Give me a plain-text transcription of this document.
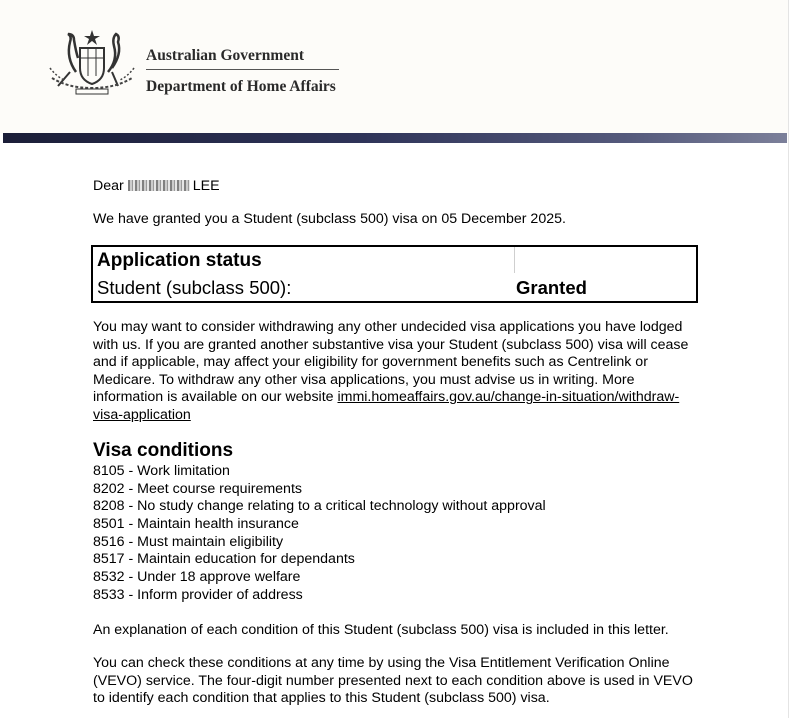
Australian Government
Department of Home Affairs
Dear	LEE
We have granted you a Student (subclass 500) visa on 05 December 2025.
Application status
Student (subclass 500):	Granted
You may want to consider withdrawing any other undecided visa applications you have lodged with us. If you are granted another substantive visa your Student (subclass 500) visa will cease and if applicable, may affect your eligibility for government benefits such as Centrelink or Medicare. To withdraw any other visa applications, you must advise us in writing. More information is available on our website immi.homeaffairs.gov.au/change-in-situation/withdraw-visa-application
Visa conditions
8105 - Work limitation
8202 - Meet course requirements
8208 - No study change relating to a critical technology without approval
8501 - Maintain health insurance
8516 - Must maintain eligibility
8517 - Maintain education for dependants
8532 - Under 18 approve welfare
8533 - Inform provider of address
An explanation of each condition of this Student (subclass 500) visa is included in this letter.
You can check these conditions at any time by using the Visa Entitlement Verification Online (VEVO) service. The four-digit number presented next to each condition above is used in VEVO to identify each condition that applies to this Student (subclass 500) visa.
